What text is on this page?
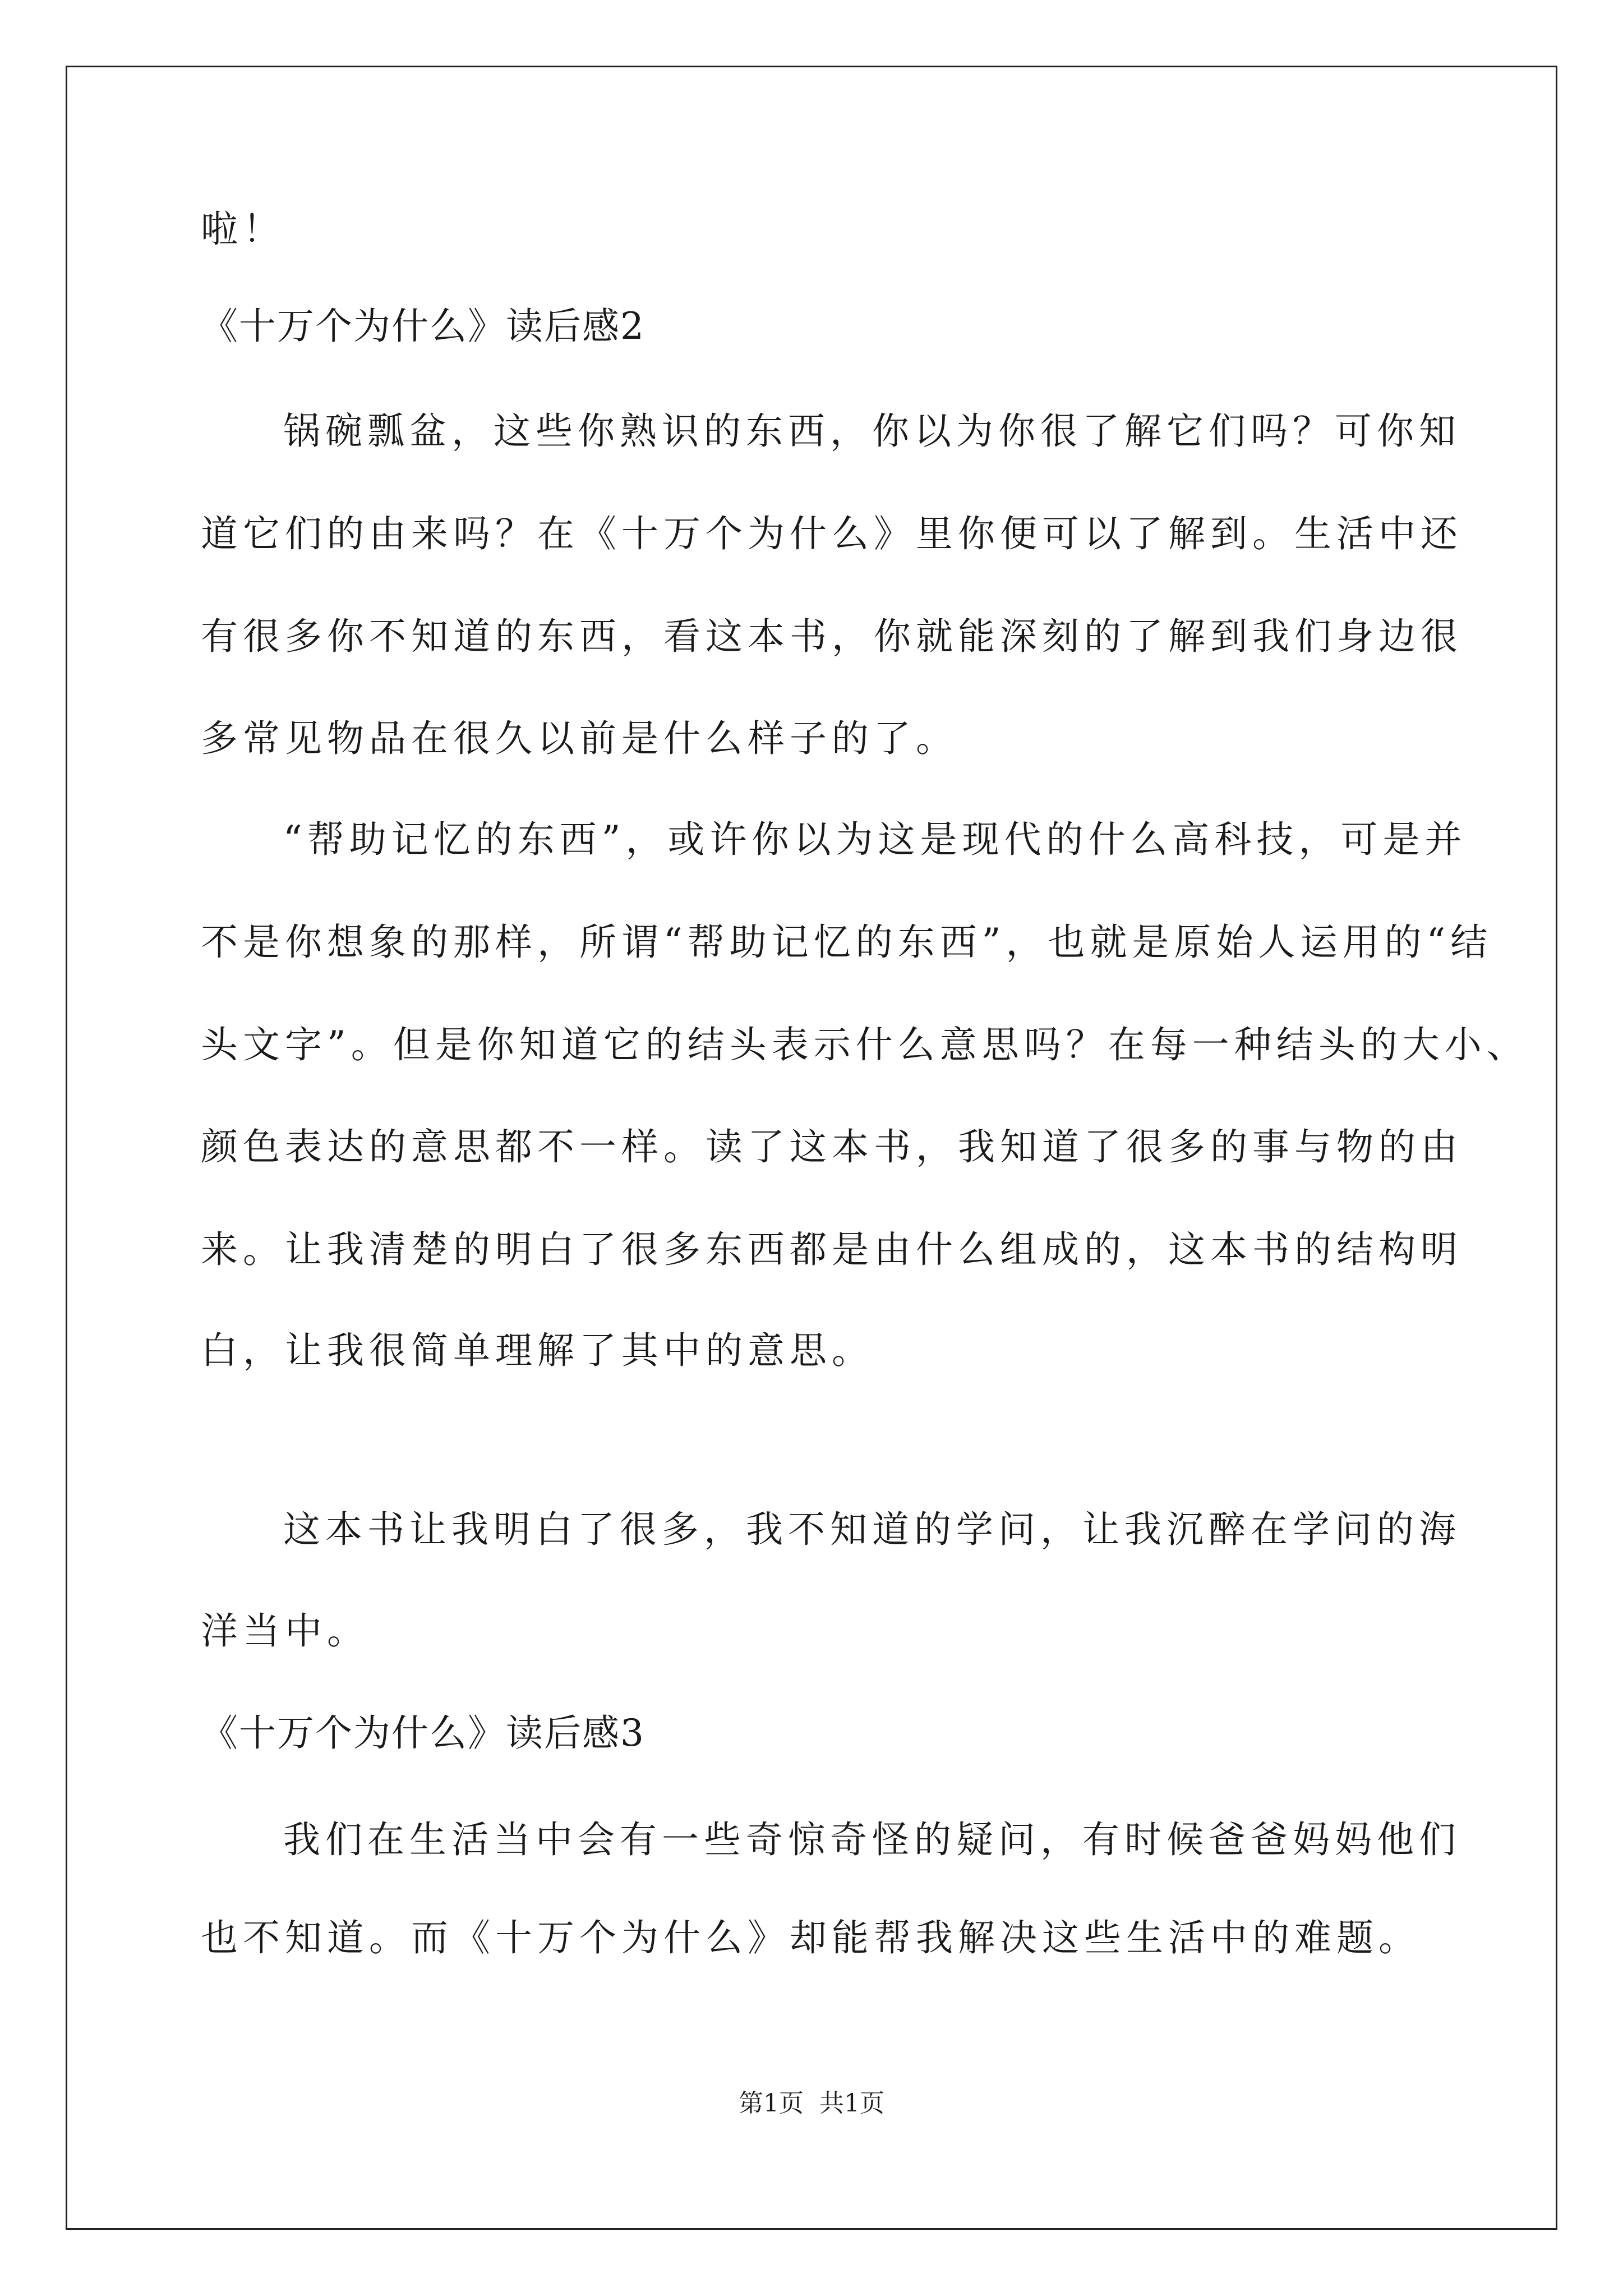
啦！
《十万个为什么》读后感2
锅碗瓢盆，这些你熟识的东西，你以为你很了解它们吗？可你知
道它们的由来吗？在《十万个为什么》里你便可以了解到。生活中还
有很多你不知道的东西，看这本书，你就能深刻的了解到我们身边很
多常见物品在很久以前是什么样子的了。
“帮助记忆的东西”，或许你以为这是现代的什么高科技，可是并
不是你想象的那样，所谓“帮助记忆的东西”，也就是原始人运用的“结
头文字”。但是你知道它的结头表示什么意思吗？在每一种结头的大小、
颜色表达的意思都不一样。读了这本书，我知道了很多的事与物的由
来。让我清楚的明白了很多东西都是由什么组成的，这本书的结构明
白，让我很简单理解了其中的意思。
这本书让我明白了很多，我不知道的学问，让我沉醉在学问的海
洋当中。
《十万个为什么》读后感3
我们在生活当中会有一些奇惊奇怪的疑问，有时候爸爸妈妈他们
也不知道。而《十万个为什么》却能帮我解决这些生活中的难题。
第1页 共1页
